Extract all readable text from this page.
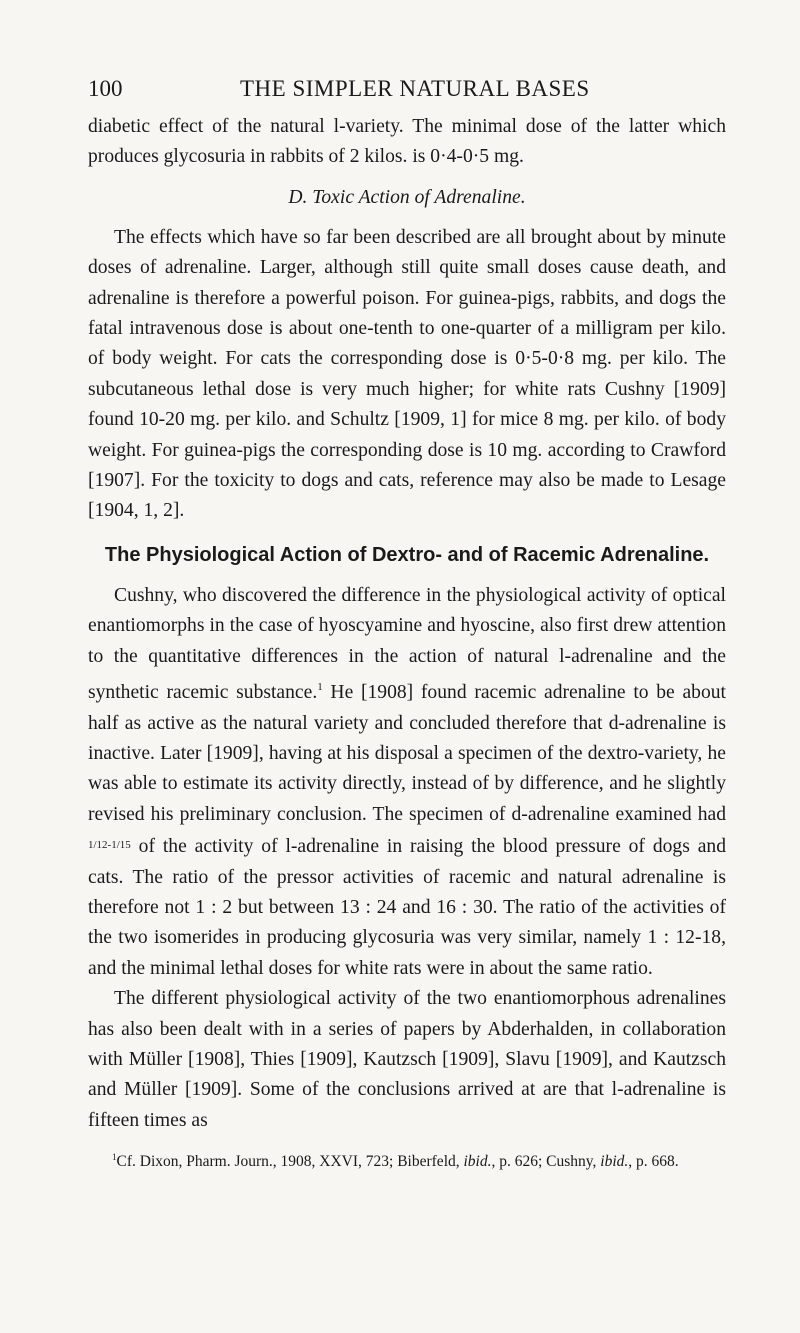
100	THE SIMPLER NATURAL BASES

diabetic effect of the natural l-variety. The minimal dose of the latter which produces glycosuria in rabbits of 2 kilos. is 0·4-0·5 mg.

D. Toxic Action of Adrenaline.

The effects which have so far been described are all brought about by minute doses of adrenaline. Larger, although still quite small doses cause death, and adrenaline is therefore a powerful poison. For guinea-pigs, rabbits, and dogs the fatal intravenous dose is about one-tenth to one-quarter of a milligram per kilo. of body weight. For cats the corresponding dose is 0·5-0·8 mg. per kilo. The subcutaneous lethal dose is very much higher; for white rats Cushny [1909] found 10-20 mg. per kilo. and Schultz [1909, 1] for mice 8 mg. per kilo. of body weight. For guinea-pigs the corresponding dose is 10 mg. according to Crawford [1907]. For the toxicity to dogs and cats, reference may also be made to Lesage [1904, 1, 2].

The Physiological Action of Dextro- and of Racemic Adrenaline.

Cushny, who discovered the difference in the physiological activity of optical enantiomorphs in the case of hyoscyamine and hyoscine, also first drew attention to the quantitative differences in the action of natural l-adrenaline and the synthetic racemic substance.$^1$ He [1908] found racemic adrenaline to be about half as active as the natural variety and concluded therefore that d-adrenaline is inactive. Later [1909], having at his disposal a specimen of the dextro-variety, he was able to estimate its activity directly, instead of by difference, and he slightly revised his preliminary conclusion. The specimen of d-adrenaline examined had $^{1/12-1/15}$ of the activity of l-adrenaline in raising the blood pressure of dogs and cats. The ratio of the pressor activities of racemic and natural adrenaline is therefore not 1 : 2 but between 13 : 24 and 16 : 30. The ratio of the activities of the two isomerides in producing glycosuria was very similar, namely 1 : 12-18, and the minimal lethal doses for white rats were in about the same ratio.

The different physiological activity of the two enantiomorphous adrenalines has also been dealt with in a series of papers by Abderhalden, in collaboration with Müller [1908], Thies [1909], Kautzsch [1909], Slavu [1909], and Kautzsch and Müller [1909]. Some of the conclusions arrived at are that l-adrenaline is fifteen times as

$^1$Cf. Dixon, Pharm. Journ., 1908, XXVI, 723; Biberfeld, ibid., p. 626; Cushny, ibid., p. 668.
